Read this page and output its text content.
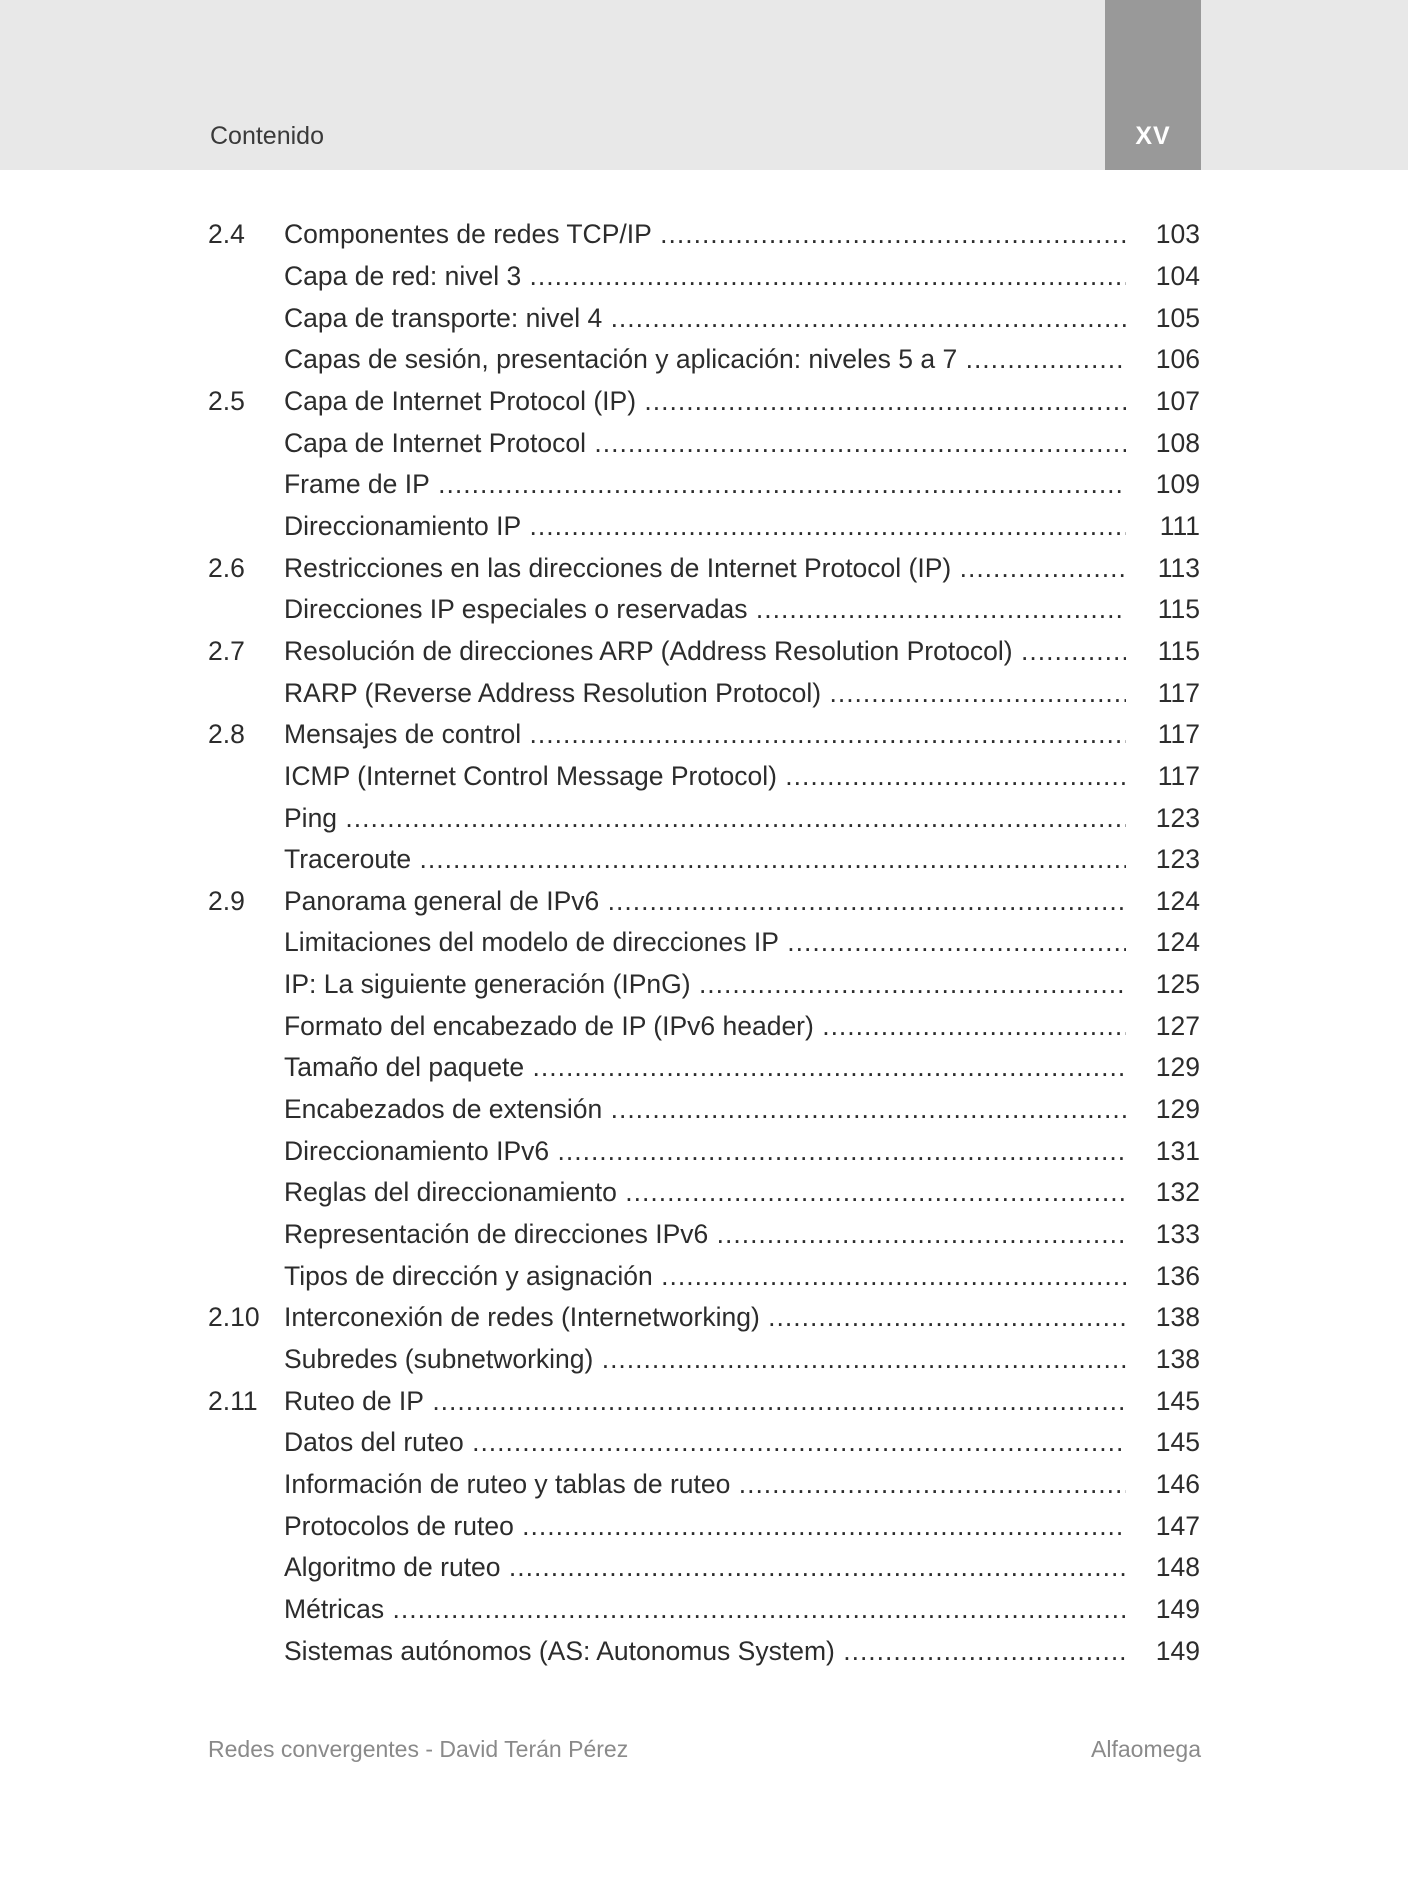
Contenido	XV
2.4	Componentes de redes TCP/IP .....	103
Capa de red: nivel 3 .....	104
Capa de transporte: nivel 4 .....	105
Capas de sesión, presentación y aplicación: niveles 5 a 7 .....	106
2.5	Capa de Internet Protocol (IP) .....	107
Capa de Internet Protocol .....	108
Frame de IP .....	109
Direccionamiento IP .....	111
2.6	Restricciones en las direcciones de Internet Protocol (IP) .....	113
Direcciones IP especiales o reservadas .....	115
2.7	Resolución de direcciones ARP (Address Resolution Protocol) .....	115
RARP (Reverse Address Resolution Protocol) .....	117
2.8	Mensajes de control .....	117
ICMP (Internet Control Message Protocol) .....	117
Ping .....	123
Traceroute .....	123
2.9	Panorama general de IPv6 .....	124
Limitaciones del modelo de direcciones IP .....	124
IP: La siguiente generación (IPnG) .....	125
Formato del encabezado de IP (IPv6 header) .....	127
Tamaño del paquete .....	129
Encabezados de extensión .....	129
Direccionamiento IPv6 .....	131
Reglas del direccionamiento .....	132
Representación de direcciones IPv6 .....	133
Tipos de dirección y asignación .....	136
2.10 Interconexión de redes (Internetworking) .....	138
Subredes (subnetworking) .....	138
2.11 Ruteo de IP .....	145
Datos del ruteo .....	145
Información de ruteo y tablas de ruteo .....	146
Protocolos de ruteo .....	147
Algoritmo de ruteo .....	148
Métricas .....	149
Sistemas autónomos (AS: Autonomus System) .....	149
Redes convergentes - David Terán Pérez	Alfaomega
